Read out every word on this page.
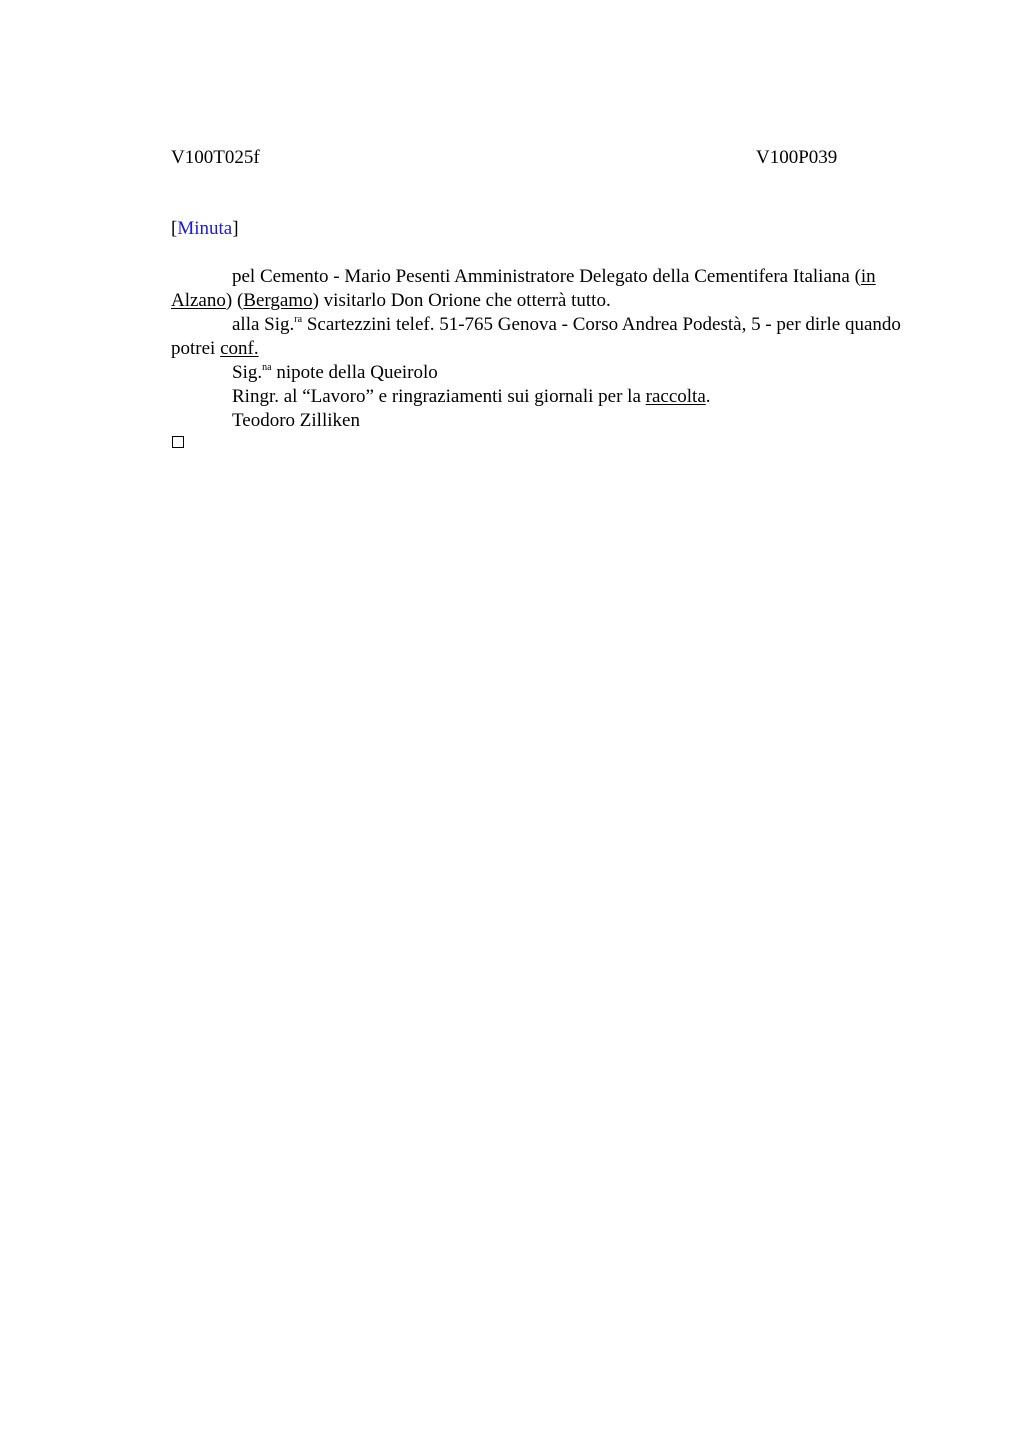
V100T025f	V100P039
[Minuta]

pel Cemento - Mario Pesenti Amministratore Delegato della Cementifera Italiana (in Alzano) (Bergamo) visitarlo Don Orione che otterrà tutto.

alla Sig.$^{ra}$ Scartezzini telef. 51-765 Genova - Corso Andrea Podestà, 5 - per dirle quando potrei conf.

Sig.$^{na}$ nipote della Queirolo

Ringr. al “Lavoro” e ringraziamenti sui giornali per la raccolta.

Teodoro Zilliken
